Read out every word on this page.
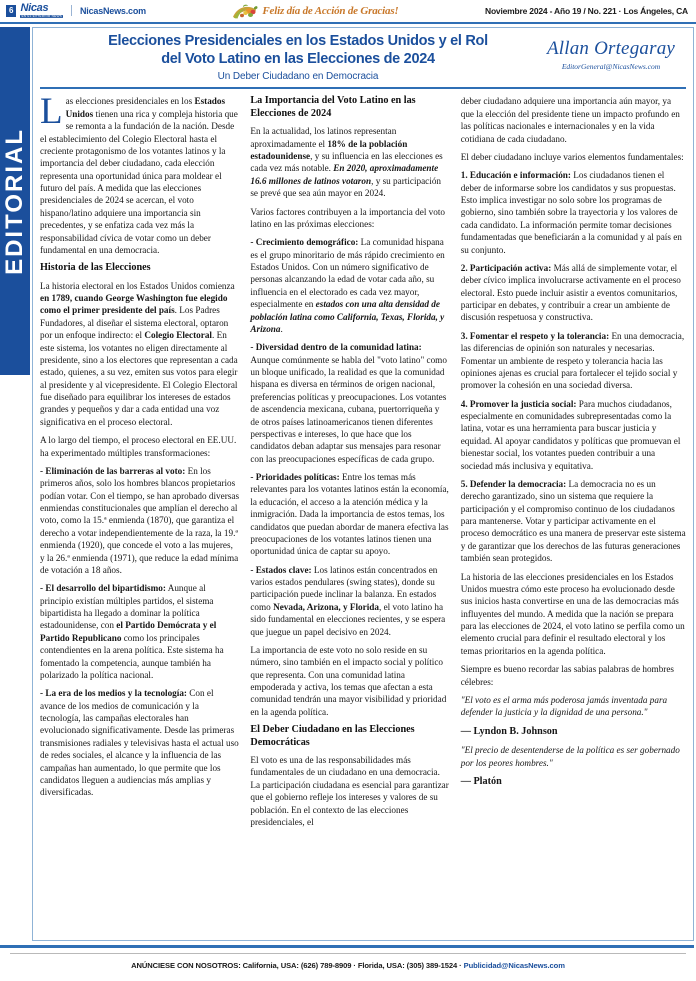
6 Nicas
EN EL EXTERIOR NEWS
NicasNews.com	Feliz día de Acción de Gracias!	Noviembre 2024 - Año 19 / No. 221 · Los Ángeles, CA
EDITORIAL
Elecciones Presidenciales en los Estados Unidos y el Rol
del Voto Latino en las Elecciones de 2024
Un Deber Ciudadano en Democracia
Allan Ortegaray
EditorGeneral@NicasNews.com

Las elecciones presidenciales en los Estados Unidos tienen una rica y compleja historia que se remonta a la fundación de la nación. Desde el establecimiento del Colegio Electoral hasta el creciente protagonismo de los votantes latinos y la importancia del deber ciudadano, cada elección representa una oportunidad única para moldear el futuro del país. A medida que las elecciones presidenciales de 2024 se acercan, el voto hispano/latino adquiere una importancia sin precedentes, y se enfatiza cada vez más la responsabilidad cívica de votar como un deber fundamental en una democracia.

Historia de las Elecciones

La historia electoral en los Estados Unidos comienza en 1789, cuando George Washington fue elegido como el primer presidente del país. Los Padres Fundadores, al diseñar el sistema electoral, optaron por un enfoque indirecto: el Colegio Electoral. En este sistema, los votantes no eligen directamente al presidente, sino a los electores que representan a cada estado, quienes, a su vez, emiten sus votos para elegir al presidente y al vicepresidente. El Colegio Electoral fue diseñado para equilibrar los intereses de estados grandes y pequeños y dar a cada entidad una voz significativa en el proceso electoral.

A lo largo del tiempo, el proceso electoral en EE.UU. ha experimentado múltiples transformaciones:

- Eliminación de las barreras al voto: En los primeros años, solo los hombres blancos propietarios podían votar. Con el tiempo, se han aprobado diversas enmiendas constitucionales que amplían el derecho al voto, como la 15.ª enmienda (1870), que garantiza el derecho a votar independientemente de la raza, la 19.ª enmienda (1920), que concede el voto a las mujeres, y la 26.ª enmienda (1971), que reduce la edad mínima de votación a 18 años.

- El desarrollo del bipartidismo: Aunque al principio existían múltiples partidos, el sistema bipartidista ha llegado a dominar la política estadounidense, con el Partido Demócrata y el Partido Republicano como los principales contendientes en la arena política. Este sistema ha fomentado la competencia, aunque también ha polarizado la política nacional.

- La era de los medios y la tecnología: Con el avance de los medios de comunicación y la tecnología, las campañas electorales han evolucionado significativamente. Desde las primeras transmisiones radiales y televisivas hasta el actual uso de redes sociales, el alcance y la influencia de las campañas han aumentado, lo que permite que los candidatos lleguen a audiencias más amplias y diversificadas.

La Importancia del Voto Latino en las
Elecciones de 2024

En la actualidad, los latinos representan aproximadamente el 18% de la población estadounidense, y su influencia en las elecciones es cada vez más notable. En 2020, aproximadamente 16.6 millones de latinos votaron, y su participación se prevé que sea aún mayor en 2024.

Varios factores contribuyen a la importancia del voto latino en las próximas elecciones:

- Crecimiento demográfico: La comunidad hispana es el grupo minoritario de más rápido crecimiento en Estados Unidos. Con un número significativo de personas alcanzando la edad de votar cada año, su influencia en el electorado es cada vez mayor, especialmente en estados con una alta densidad de población latina como California, Texas, Florida, y Arizona.

- Diversidad dentro de la comunidad latina: Aunque comúnmente se habla del "voto latino" como un bloque unificado, la realidad es que la comunidad hispana es diversa en términos de origen nacional, preferencias políticas y preocupaciones. Los votantes de ascendencia mexicana, cubana, puertorriqueña y de otros países latinoamericanos tienen diferentes perspectivas e intereses, lo que hace que los candidatos deban adaptar sus mensajes para resonar con las preocupaciones específicas de cada grupo.

- Prioridades políticas: Entre los temas más relevantes para los votantes latinos están la economía, la educación, el acceso a la atención médica y la inmigración. Dada la importancia de estos temas, los candidatos que puedan abordar de manera efectiva las preocupaciones de los votantes latinos tienen una oportunidad única de captar su apoyo.

- Estados clave: Los latinos están concentrados en varios estados pendulares (swing states), donde su participación puede inclinar la balanza. En estados como Nevada, Arizona, y Florida, el voto latino ha sido fundamental en elecciones recientes, y se espera que juegue un papel decisivo en 2024.

La importancia de este voto no solo reside en su número, sino también en el impacto social y político que representa. Con una comunidad latina empoderada y activa, los temas que afectan a esta comunidad tendrán una mayor visibilidad y prioridad en la agenda política.

El Deber Ciudadano en las Elecciones
Democráticas

El voto es una de las responsabilidades más fundamentales de un ciudadano en una democracia. La participación ciudadana es esencial para garantizar que el gobierno refleje los intereses y valores de su población. En el contexto de las elecciones presidenciales, el

deber ciudadano adquiere una importancia aún mayor, ya que la elección del presidente tiene un impacto profundo en las políticas nacionales e internacionales y en la vida cotidiana de cada ciudadano.

El deber ciudadano incluye varios elementos fundamentales:

1. Educación e información: Los ciudadanos tienen el deber de informarse sobre los candidatos y sus propuestas. Esto implica investigar no solo sobre los programas de gobierno, sino también sobre la trayectoria y los valores de cada candidato. La información permite tomar decisiones fundamentadas que beneficiarán a la comunidad y al país en su conjunto.

2. Participación activa: Más allá de simplemente votar, el deber cívico implica involucrarse activamente en el proceso electoral. Esto puede incluir asistir a eventos comunitarios, participar en debates, y contribuir a crear un ambiente de discusión respetuosa y constructiva.

3. Fomentar el respeto y la tolerancia: En una democracia, las diferencias de opinión son naturales y necesarias. Fomentar un ambiente de respeto y tolerancia hacia las opiniones ajenas es crucial para fortalecer el tejido social y promover la cohesión en una sociedad diversa.

4. Promover la justicia social: Para muchos ciudadanos, especialmente en comunidades subrepresentadas como la latina, votar es una herramienta para buscar justicia y equidad. Al apoyar candidatos y políticas que promuevan el bienestar social, los votantes pueden contribuir a una sociedad más inclusiva y equitativa.

5. Defender la democracia: La democracia no es un derecho garantizado, sino un sistema que requiere la participación y el compromiso continuo de los ciudadanos para mantenerse. Votar y participar activamente en el proceso democrático es una manera de preservar este sistema y de garantizar que los derechos de las futuras generaciones también sean protegidos.

La historia de las elecciones presidenciales en los Estados Unidos muestra cómo este proceso ha evolucionado desde sus inicios hasta convertirse en una de las democracias más influyentes del mundo. A medida que la nación se prepara para las elecciones de 2024, el voto latino se perfila como un elemento crucial para definir el resultado electoral y los temas prioritarios en la agenda política.

Siempre es bueno recordar las sabias palabras de hombres célebres:

"El voto es el arma más poderosa jamás inventada para defender la justicia y la dignidad de una persona."

— Lyndon B. Johnson

"El precio de desentenderse de la política es ser gobernado por los peores hombres."

— Platón

ANÚNCIESE CON NOSOTROS: California, USA: (626) 789-8909 · Florida, USA: (305) 389-1524 · Publicidad@NicasNews.com
